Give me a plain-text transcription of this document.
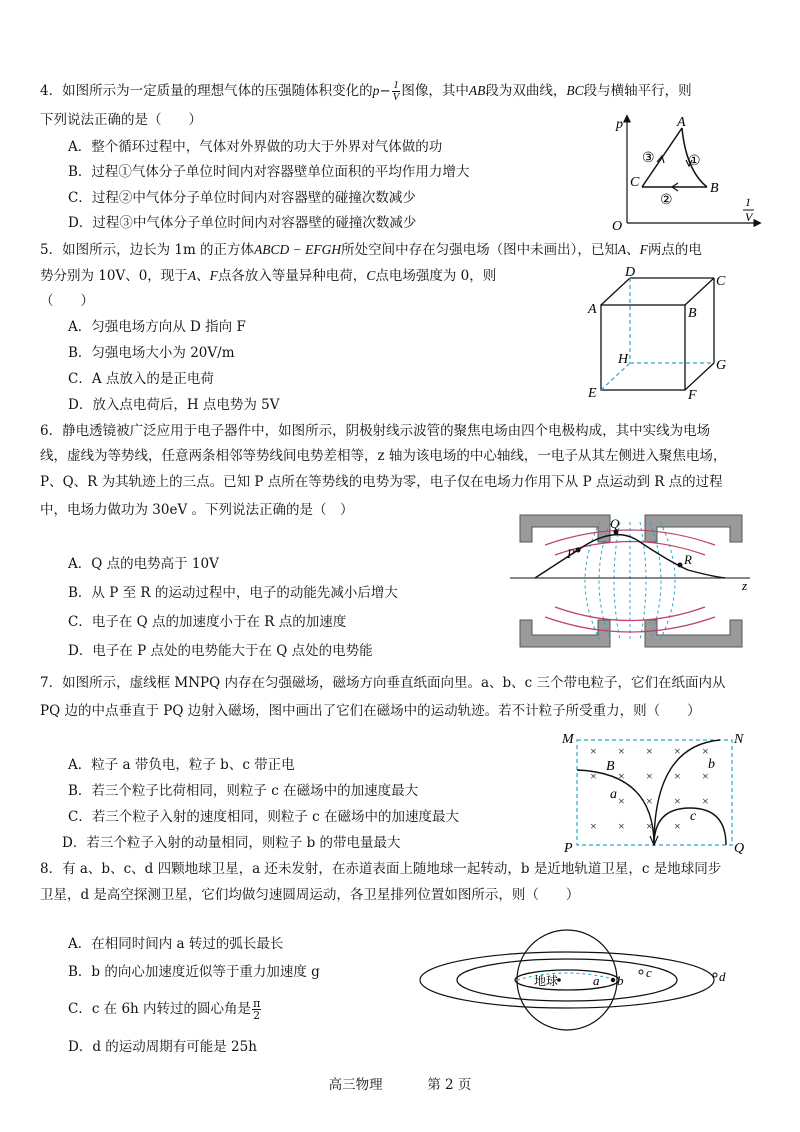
4．如图所示为一定质量的理想气体的压强随体积变化的$p- \frac{1}{V}$ 图像，其中AB段为双曲线，BC段与横轴平行，则
下列说法正确的是（　　）
A．整个循环过程中，气体对外界做的功大于外界对气体做的功
B．过程①气体分子单位时间内对容器壁单位面积的平均作用力增大
C．过程②中气体分子单位时间内对容器壁的碰撞次数减少
D．过程③中气体分子单位时间内对容器壁的碰撞次数减少
p	A
B
C
O
①
②
③
1
V
5．如图所示，边长为 1m 的正方体ABCD − EFGH所处空间中存在匀强电场（图中未画出），已知A、F两点的电
势分别为 10V、0，现于A、F点各放入等量异种电荷，C点电场强度为 0，则
（　　）
A．匀强电场方向从 D 指向 F
B．匀强电场大小为 20V/m
C．A 点放入的是正电荷
D．放入点电荷后，H 点电势为 5V
D
C
A	B
H	G
E	F
6．静电透镜被广泛应用于电子器件中，如图所示，阴极射线示波管的聚焦电场由四个电极构成，其中实线为电场
线，虚线为等势线，任意两条相邻等势线间电势差相等，z 轴为该电场的中心轴线，一电子从其左侧进入聚焦电场，
P、Q、R 为其轨迹上的三点。已知 P 点所在等势线的电势为零，电子仅在电场力作用下从 P 点运动到 R 点的过程
中，电场力做功为 30eV 。下列说法正确的是（　）
A．Q 点的电势高于 10V
B．从 P 至 R 的运动过程中，电子的动能先减小后增大
C．电子在 Q 点的加速度小于在 R 点的加速度
D．电子在 P 点处的电势能大于在 Q 点处的电势能
z
P
Q
R
7．如图所示，虚线框 MNPQ 内存在匀强磁场，磁场方向垂直纸面向里。a、b、c 三个带电粒子，它们在纸面内从
PQ 边的中点垂直于 PQ 边射入磁场，图中画出了它们在磁场中的运动轨迹。若不计粒子所受重力，则（　　）
A．粒子 a 带负电，粒子 b、c 带正电
B．若三个粒子比荷相同，则粒子 c 在磁场中的加速度最大
C．若三个粒子入射的速度相同，则粒子 c 在磁场中的加速度最大
D．若三个粒子入射的动量相同，则粒子 b 的带电量最大
× × × × ×
× × × × ×
× × × ×
× × × ×
M	N
P	Q
B
a
b
c
8．有 a、b、c、d 四颗地球卫星，a 还未发射，在赤道表面上随地球一起转动，b 是近地轨道卫星，c 是地球同步
卫星，d 是高空探测卫星，它们均做匀速圆周运动，各卫星排列位置如图所示，则（　　）
A．在相同时间内 a 转过的弧长最长
B．b 的向心加速度近似等于重力加速度 g
C．c 在 6h 内转过的圆心角是 $\frac{\pi}{2}$
D．d 的运动周期有可能是 25h
地球	a b
c	d
高三物理	第 2 页
